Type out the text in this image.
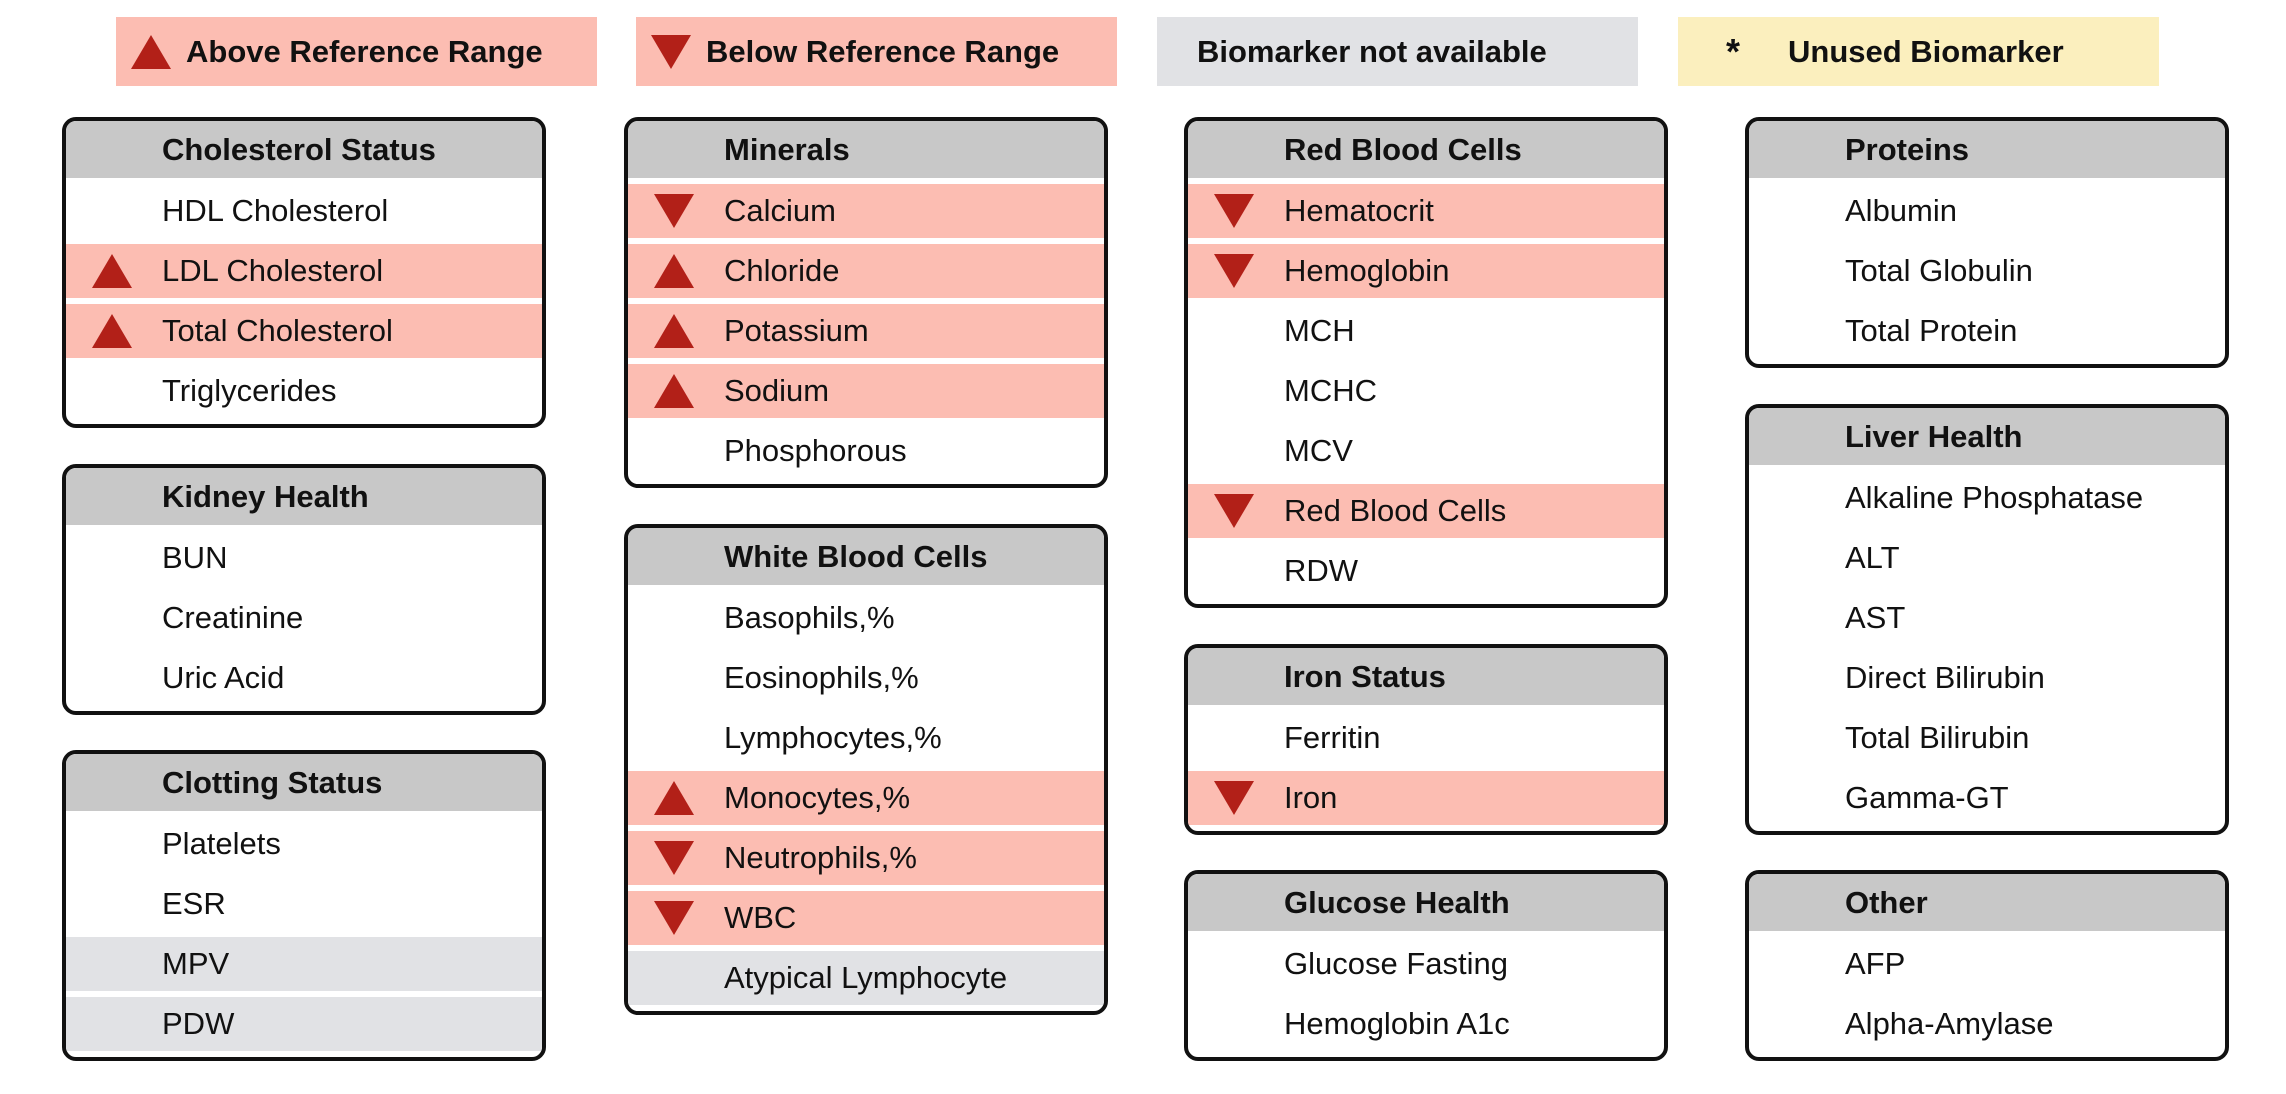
Above Reference Range	Below Reference Range	Biomarker not available	*	Unused Biomarker
Cholesterol Status
HDL Cholesterol
LDL Cholesterol
Total Cholesterol
Triglycerides
Kidney Health
BUN
Creatinine
Uric Acid
Clotting Status
Platelets
ESR
MPV
PDW
Minerals
Calcium
Chloride
Potassium
Sodium
Phosphorous
White Blood Cells
Basophils,%
Eosinophils,%
Lymphocytes,%
Monocytes,%
Neutrophils,%
WBC
Atypical Lymphocyte
Red Blood Cells
Hematocrit
Hemoglobin
MCH
MCHC
MCV
Red Blood Cells
RDW
Iron Status
Ferritin
Iron
Glucose Health
Glucose Fasting
Hemoglobin A1c
Proteins
Albumin
Total Globulin
Total Protein
Liver Health
Alkaline Phosphatase
ALT
AST
Direct Bilirubin
Total Bilirubin
Gamma-GT
Other
AFP
Alpha-Amylase
